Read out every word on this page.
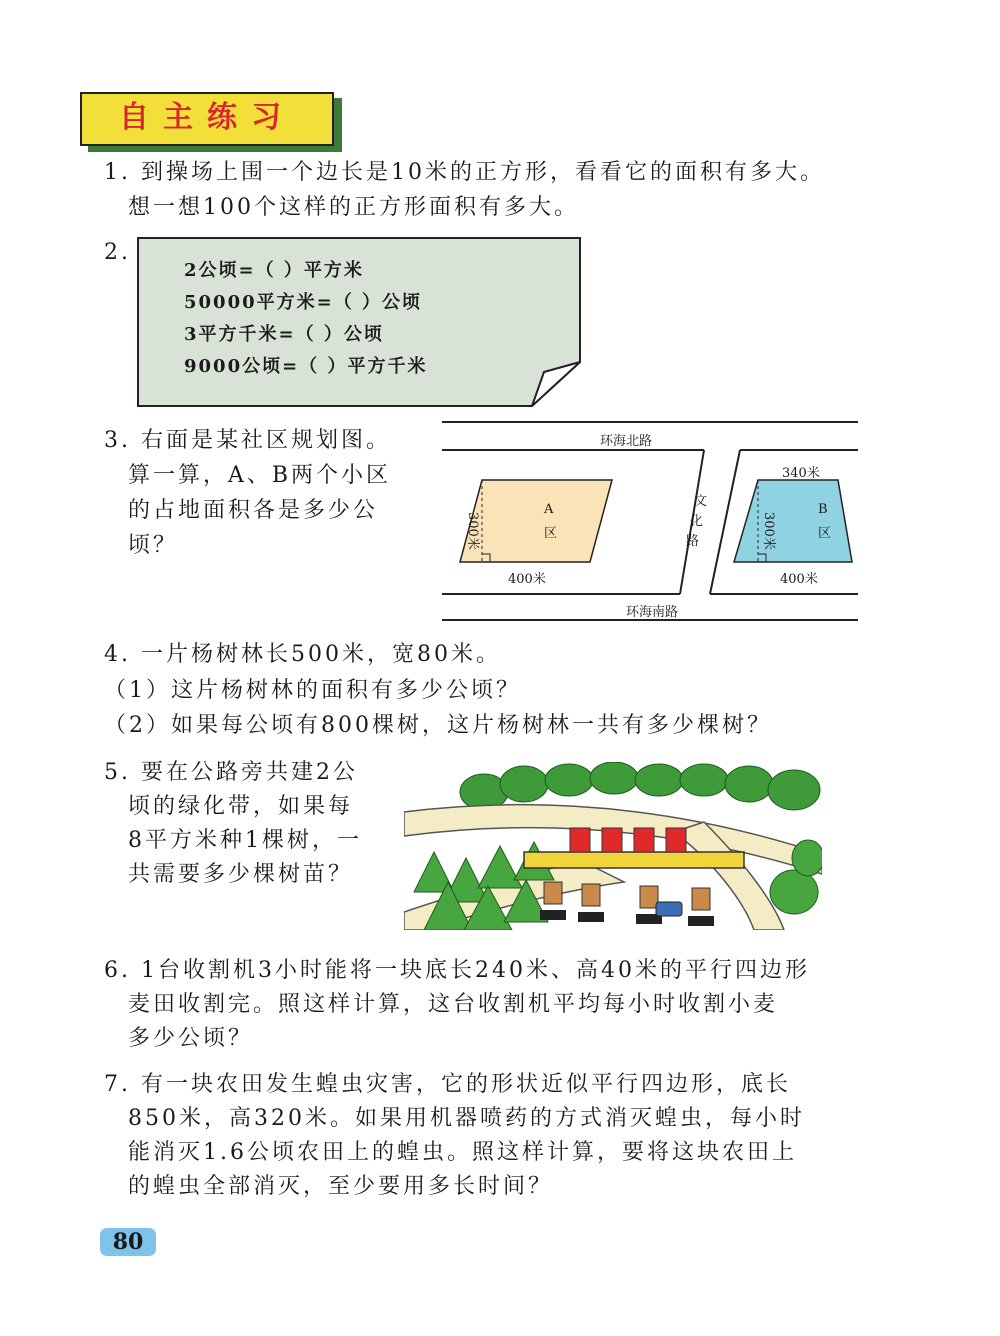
自主练习
1. 到操场上围一个边长是10米的正方形，看看它的面积有多大。
想一想100个这样的正方形面积有多大。
2.
2公顷=（ ）平方米
50000平方米=（ ）公顷
3平方千米=（ ）公顷
9000公顷=（ ）平方千米
3. 右面是某社区规划图。
算一算，A、B两个小区
的占地面积各是多少公
顷？
环海北路
环海南路
文
化
路
A
区
300米
400米
340米
B
区
300米
400米
4. 一片杨树林长500米，宽80米。
（1）这片杨树林的面积有多少公顷？
（2）如果每公顷有800棵树，这片杨树林一共有多少棵树？
5. 要在公路旁共建2公
顷的绿化带，如果每
8平方米种1棵树，一
共需要多少棵树苗？
6. 1台收割机3小时能将一块底长240米、高40米的平行四边形
麦田收割完。照这样计算，这台收割机平均每小时收割小麦
多少公顷？
7. 有一块农田发生蝗虫灾害，它的形状近似平行四边形，底长
850米，高320米。如果用机器喷药的方式消灭蝗虫，每小时
能消灭1.6公顷农田上的蝗虫。照这样计算，要将这块农田上
的蝗虫全部消灭，至少要用多长时间？
80
